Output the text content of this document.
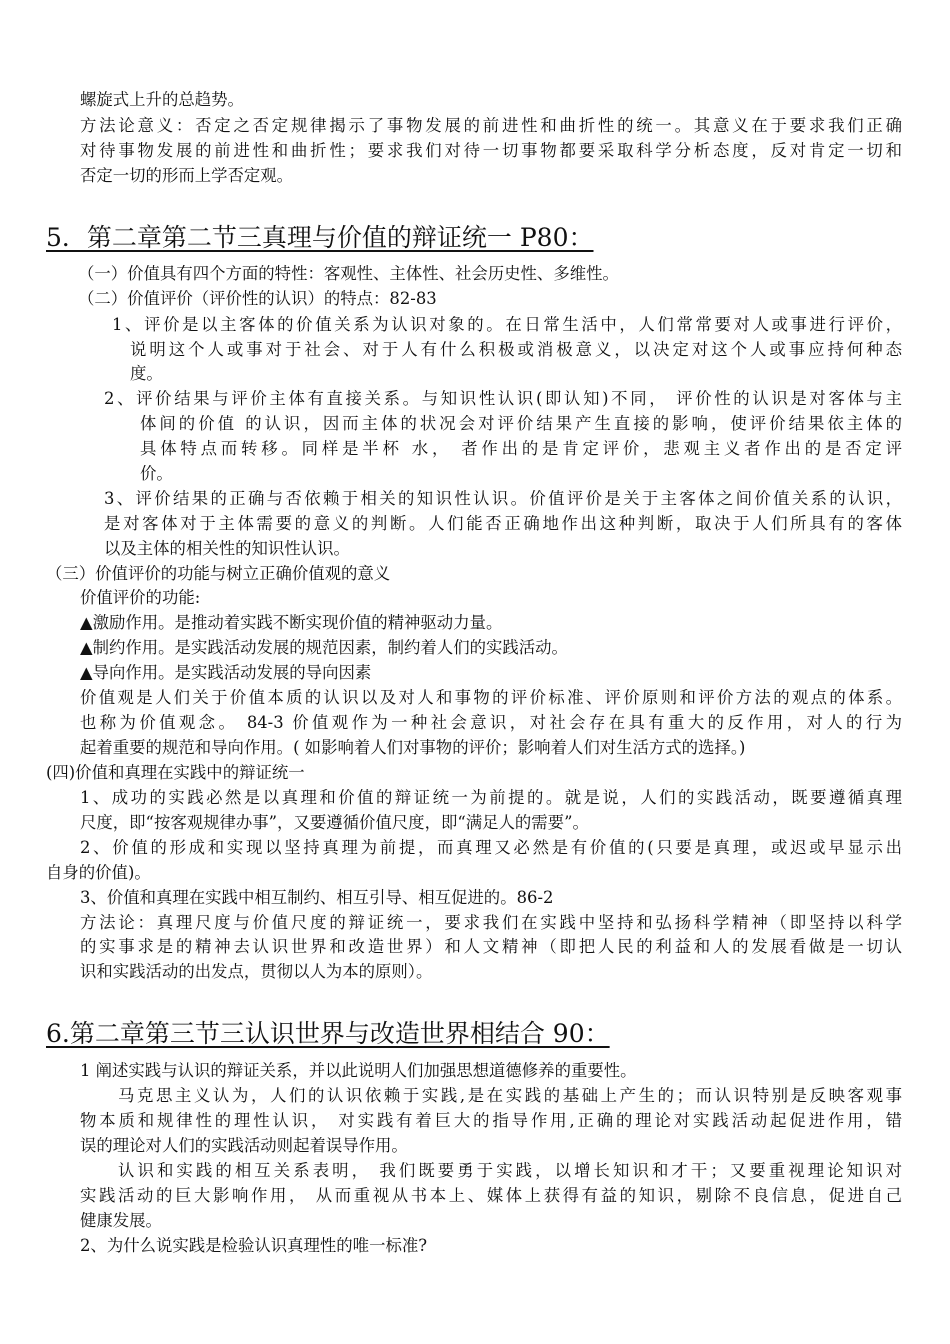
螺旋式上升的总趋势。
方法论意义：否定之否定规律揭示了事物发展的前进性和曲折性的统一。其意义在于要求我们正确
对待事物发展的前进性和曲折性；要求我们对待一切事物都要采取科学分析态度，反对肯定一切和
否定一切的形而上学否定观。
5．第二章第二节三真理与价值的辩证统一 P80：
（一）价值具有四个方面的特性：客观性、主体性、社会历史性、多维性。
（二）价值评价（评价性的认识）的特点：82-83
1、评价是以主客体的价值关系为认识对象的。在日常生活中，人们常常要对人或事进行评价，
说明这个人或事对于社会、对于人有什么积极或消极意义，以决定对这个人或事应持何种态
度。
2、评价结果与评价主体有直接关系。与知识性认识(即认知)不同， 评价性的认识是对客体与主
体间的价值 的认识，因而主体的状况会对评价结果产生直接的影响，使评价结果依主体的
具体特点而转移。同样是半杯 水， 者作出的是肯定评价，悲观主义者作出的是否定评
价。
3、评价结果的正确与否依赖于相关的知识性认识。价值评价是关于主客体之间价值关系的认识，
是对客体对于主体需要的意义的判断。人们能否正确地作出这种判断，取决于人们所具有的客体
以及主体的相关性的知识性认识。
（三）价值评价的功能与树立正确价值观的意义
价值评价的功能:
▲激励作用。是推动着实践不断实现价值的精神驱动力量。
▲制约作用。是实践活动发展的规范因素，制约着人们的实践活动。
▲导向作用。是实践活动发展的导向因素
价值观是人们关于价值本质的认识以及对人和事物的评价标准、评价原则和评价方法的观点的体系。
也称为价值观念。 84-3 价值观作为一种社会意识，对社会存在具有重大的反作用，对人的行为
起着重要的规范和导向作用。( 如影响着人们对事物的评价；影响着人们对生活方式的选择。)
(四)价值和真理在实践中的辩证统一
1、成功的实践必然是以真理和价值的辩证统一为前提的。就是说，人们的实践活动，既要遵循真理
尺度，即“按客观规律办事”，又要遵循价值尺度，即“满足人的需要”。
2、价值的形成和实现以坚持真理为前提，而真理又必然是有价值的(只要是真理，或迟或早显示出
自身的价值)。
3、价值和真理在实践中相互制约、相互引导、相互促进的。86-2
方法论：真理尺度与价值尺度的辩证统一，要求我们在实践中坚持和弘扬科学精神（即坚持以科学
的实事求是的精神去认识世界和改造世界）和人文精神（即把人民的利益和人的发展看做是一切认
识和实践活动的出发点，贯彻以人为本的原则）。
6.第二章第三节三认识世界与改造世界相结合 90：
1 阐述实践与认识的辩证关系，并以此说明人们加强思想道德修养的重要性。
马克思主义认为，人们的认识依赖于实践,是在实践的基础上产生的；而认识特别是反映客观事
物本质和规律性的理性认识， 对实践有着巨大的指导作用,正确的理论对实践活动起促进作用，错
误的理论对人们的实践活动则起着误导作用。
认识和实践的相互关系表明， 我们既要勇于实践，以增长知识和才干；又要重视理论知识对
实践活动的巨大影响作用， 从而重视从书本上、媒体上获得有益的知识，剔除不良信息，促进自己
健康发展。
2、为什么说实践是检验认识真理性的唯一标准?
